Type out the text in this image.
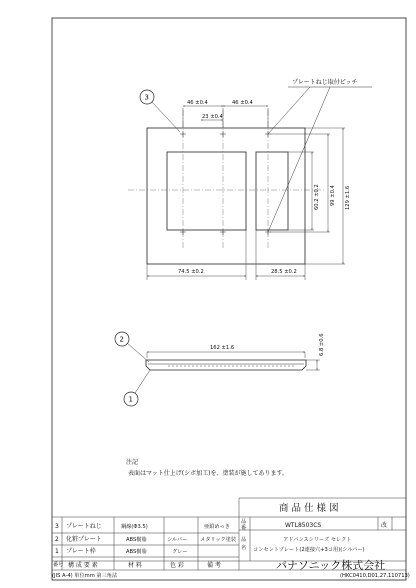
46 ±0.4	46 ±0.4
23 ±0.4
60.2 ±0.2 99 ±0.4 129 ±1.6
74.5 ±0.2	28.5 ±0.2
プレートねじ取付ピッチ
3
162 ±1.6	6.8 ±0.6
2
1
注記
表面はマット仕上げ(シボ加工)を、塗装が施してあります。
商 品 仕 様 図
品
番	WTL8503CS	改
品
名
アドバンスシリーズ セレクト
コンセントプレート(2連接穴+3コ用)(シルバー)
3 プレートねじ	鋼線(Φ3.5)	亜鉛めっき
2 化粧プレート	ABS樹脂	シルバー メタリック塗装
1 プレート枠	ABS樹脂	グレー
番号 構 成 要 素	材 料	色 彩	備 考	パナソニック株式会社
(JIS A-4) 単位mm 第三角法	(HKC0410,D01,27,110713)
